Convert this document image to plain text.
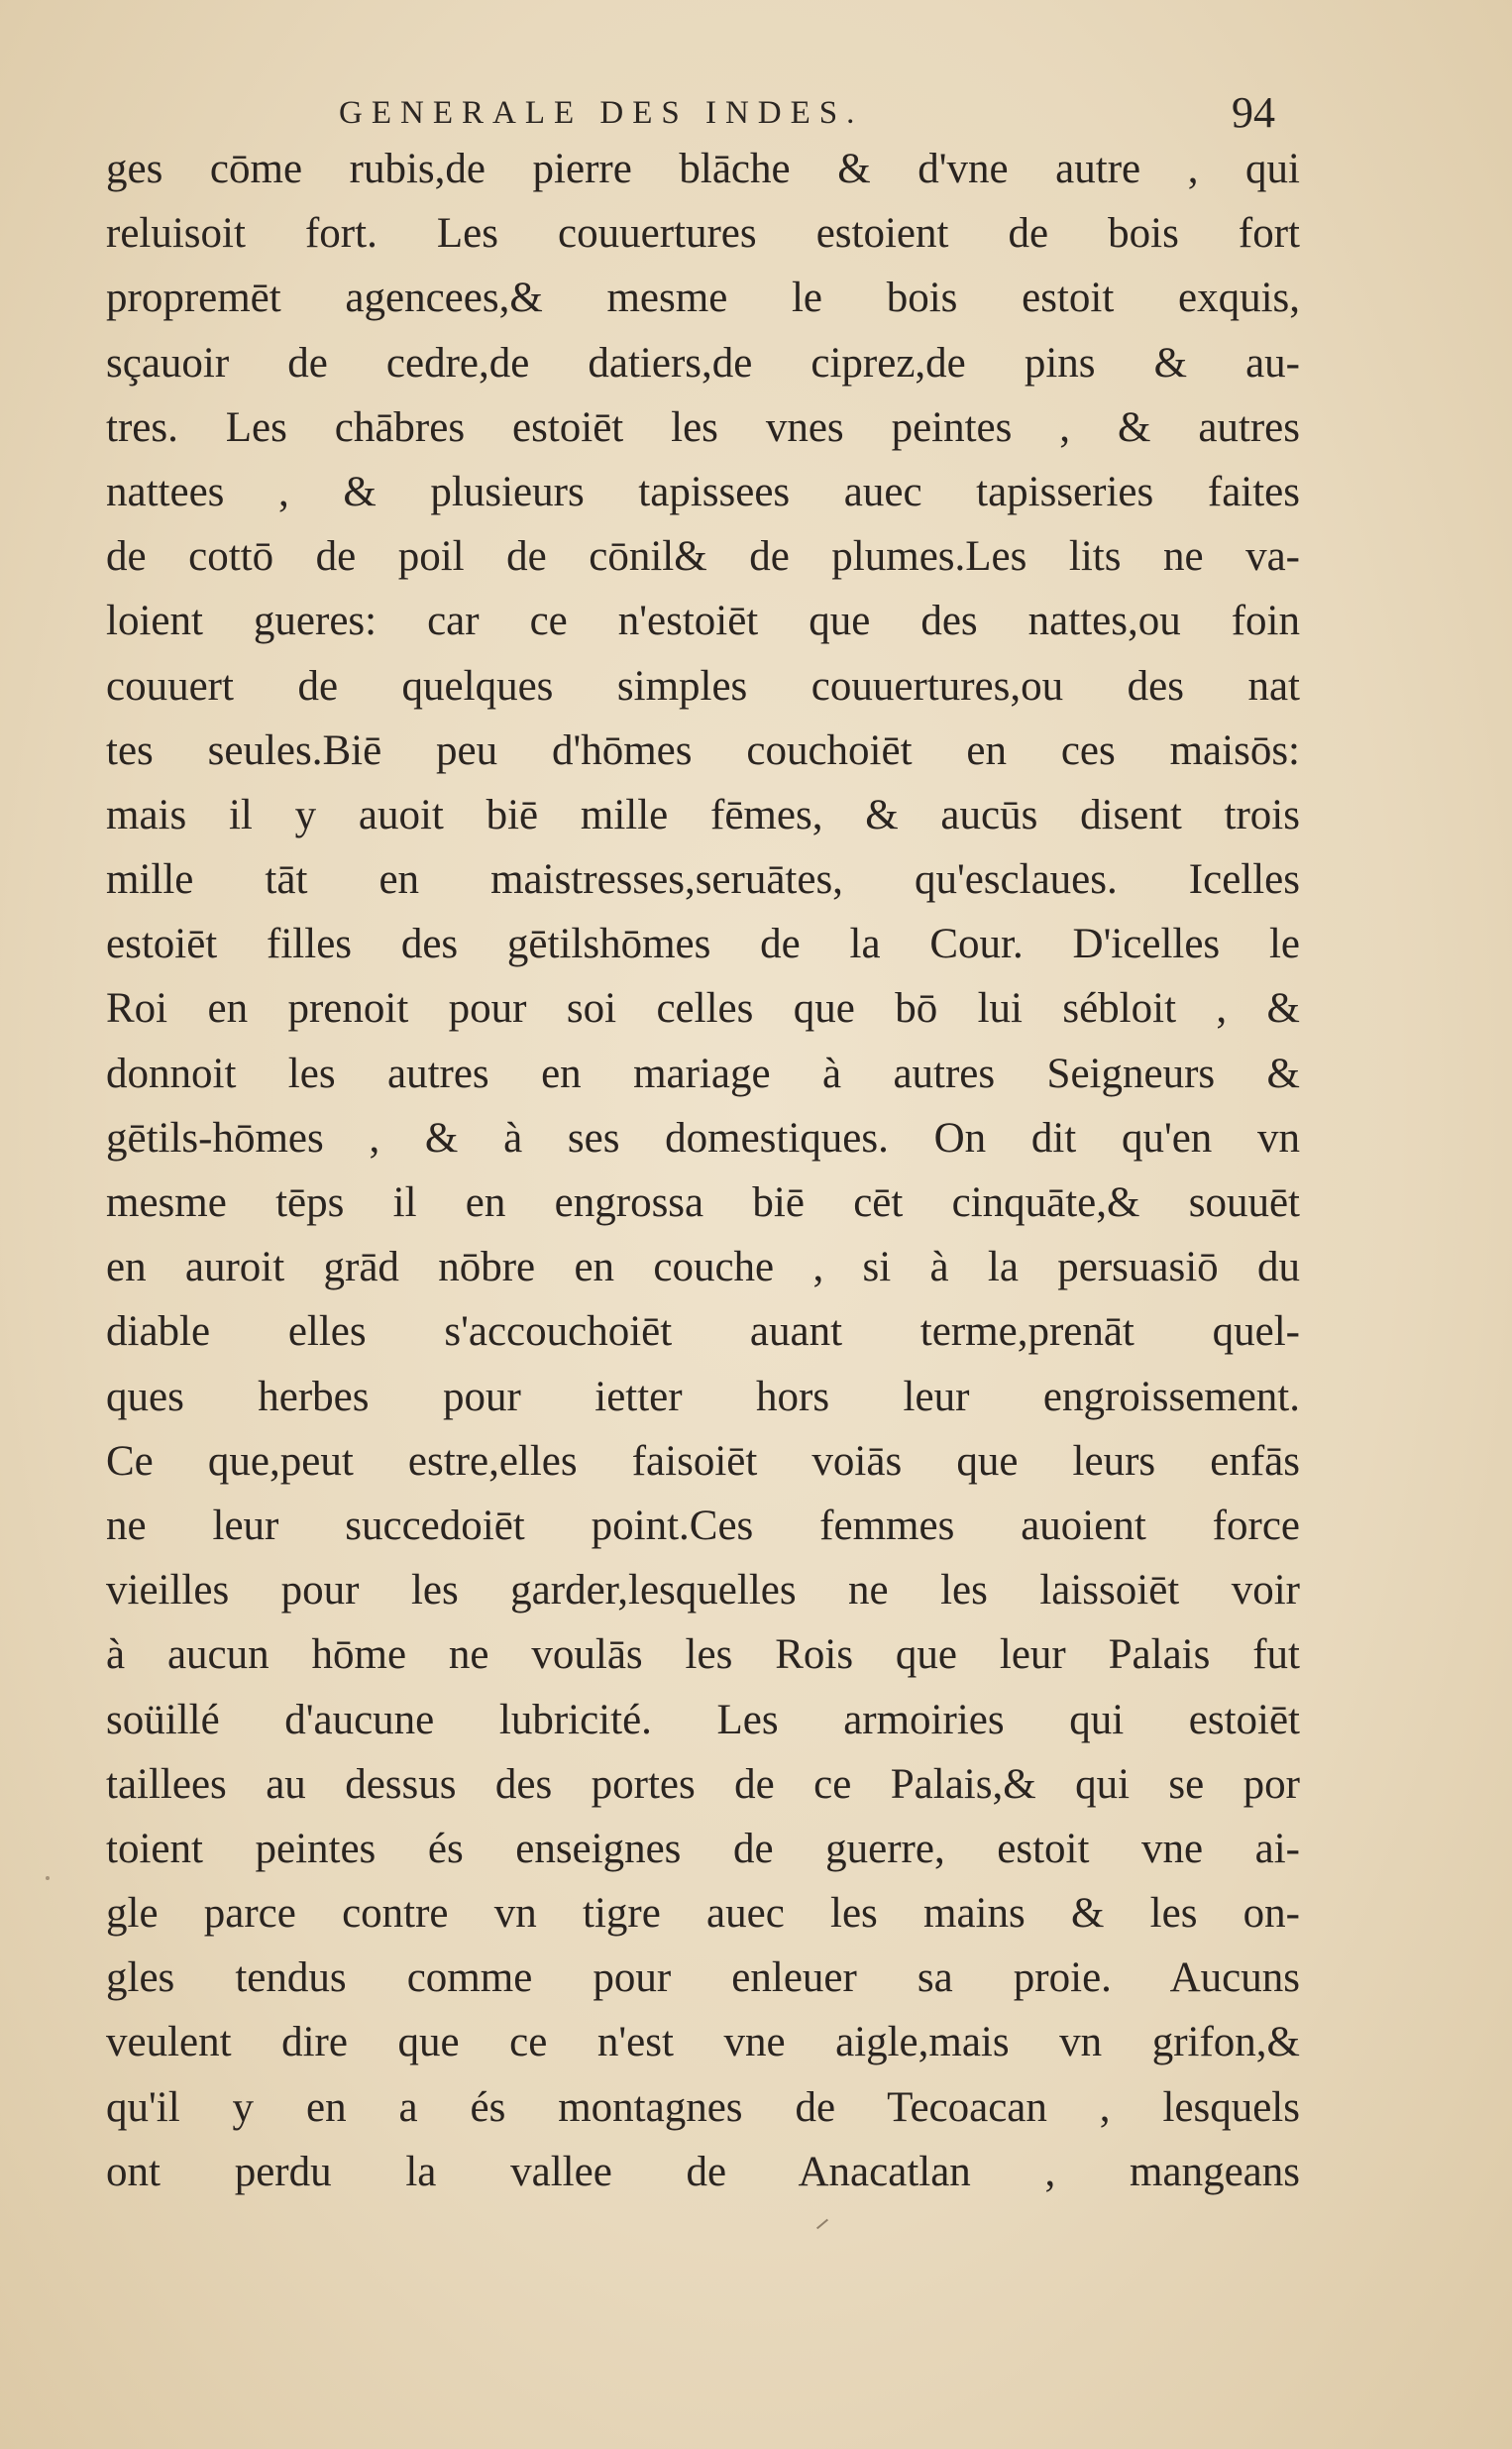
GENERALE DES INDES.	94
ges cōme rubis,de pierre blāche & d'vne autre , qui
reluisoit fort. Les couuertures estoient de bois fort
propremēt agencees,& mesme le bois estoit exquis,
sçauoir de cedre,de datiers,de ciprez,de pins & au-
tres. Les chābres estoiēt les vnes peintes , & autres
nattees , & plusieurs tapissees auec tapisseries faites
de cottō de poil de cōnil& de plumes.Les lits ne va-
loient gueres: car ce n'estoiēt que des nattes,ou foin
couuert de quelques simples couuertures,ou des nat
tes seules.Biē peu d'hōmes couchoiēt en ces maisōs:
mais il y auoit biē mille fēmes, & aucūs disent trois
mille tāt en maistresses,seruātes, qu'esclaues. Icelles
estoiēt filles des gētilshōmes de la Cour. D'icelles le
Roi en prenoit pour soi celles que bō lui sébloit , &
donnoit les autres en mariage à autres Seigneurs &
gētils-hōmes , & à ses domestiques. On dit qu'en vn
mesme tēps il en engrossa biē cēt cinquāte,& souuēt
en auroit grād nōbre en couche , si à la persuasiō du
diable elles s'accouchoiēt auant terme,prenāt quel-
ques herbes pour ietter hors leur engroissement.
Ce que,peut estre,elles faisoiēt voiās que leurs enfās
ne leur succedoiēt point.Ces femmes auoient force
vieilles pour les garder,lesquelles ne les laissoiēt voir
à aucun hōme ne voulās les Rois que leur Palais fut
soüillé d'aucune lubricité. Les armoiries qui estoiēt
taillees au dessus des portes de ce Palais,& qui se por
toient peintes és enseignes de guerre, estoit vne ai-
gle parce contre vn tigre auec les mains & les on-
gles tendus comme pour enleuer sa proie. Aucuns
veulent dire que ce n'est vne aigle,mais vn grifon,&
qu'il y en a és montagnes de Tecoacan , lesquels
ont perdu la vallee de Anacatlan , mangeans
